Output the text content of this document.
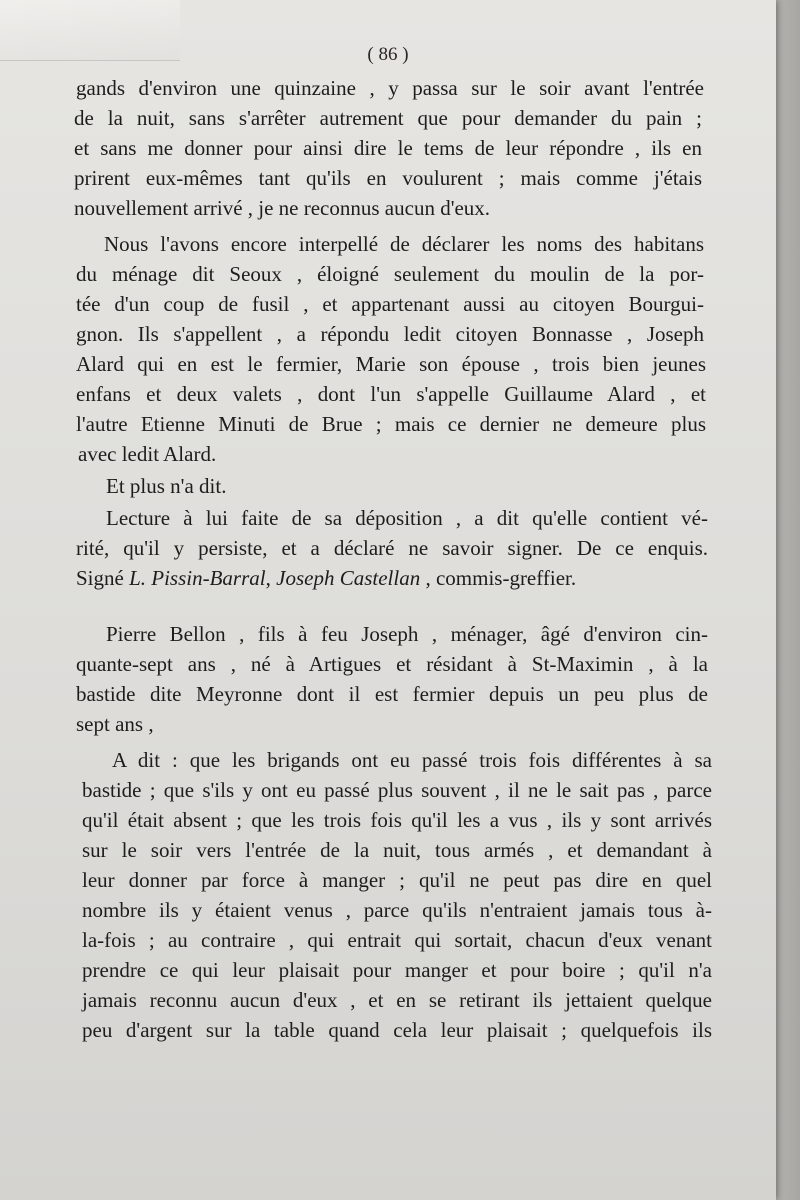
( 86 )
gands d'environ une quinzaine , y passa sur le soir avant l'entrée
de la nuit, sans s'arrêter autrement que pour demander du pain ;
et sans me donner pour ainsi dire le tems de leur répondre , ils en
prirent eux-mêmes tant qu'ils en voulurent ; mais comme j'étais
nouvellement arrivé , je ne reconnus aucun d'eux.
Nous l'avons encore interpellé de déclarer les noms des habitans
du ménage dit Seoux , éloigné seulement du moulin de la por-
tée d'un coup de fusil , et appartenant aussi au citoyen Bourgui-
gnon. Ils s'appellent , a répondu ledit citoyen Bonnasse , Joseph
Alard qui en est le fermier, Marie son épouse , trois bien jeunes
enfans et deux valets , dont l'un s'appelle Guillaume Alard , et
l'autre Etienne Minuti de Brue ; mais ce dernier ne demeure plus
avec ledit Alard.
Et plus n'a dit.
Lecture à lui faite de sa déposition , a dit qu'elle contient vé-
rité, qu'il y persiste, et a déclaré ne savoir signer. De ce enquis.
Signé L. Pissin-Barral, Joseph Castellan , commis-greffier.
Pierre Bellon , fils à feu Joseph , ménager, âgé d'environ cin-
quante-sept ans , né à Artigues et résidant à St-Maximin , à la
bastide dite Meyronne dont il est fermier depuis un peu plus de
sept ans ,
A dit : que les brigands ont eu passé trois fois différentes à sa
bastide ; que s'ils y ont eu passé plus souvent , il ne le sait pas , parce
qu'il était absent ; que les trois fois qu'il les a vus , ils y sont arrivés
sur le soir vers l'entrée de la nuit, tous armés , et demandant à
leur donner par force à manger ; qu'il ne peut pas dire en quel
nombre ils y étaient venus , parce qu'ils n'entraient jamais tous à-
la-fois ; au contraire , qui entrait qui sortait, chacun d'eux venant
prendre ce qui leur plaisait pour manger et pour boire ; qu'il n'a
jamais reconnu aucun d'eux , et en se retirant ils jettaient quelque
peu d'argent sur la table quand cela leur plaisait ; quelquefois ils
